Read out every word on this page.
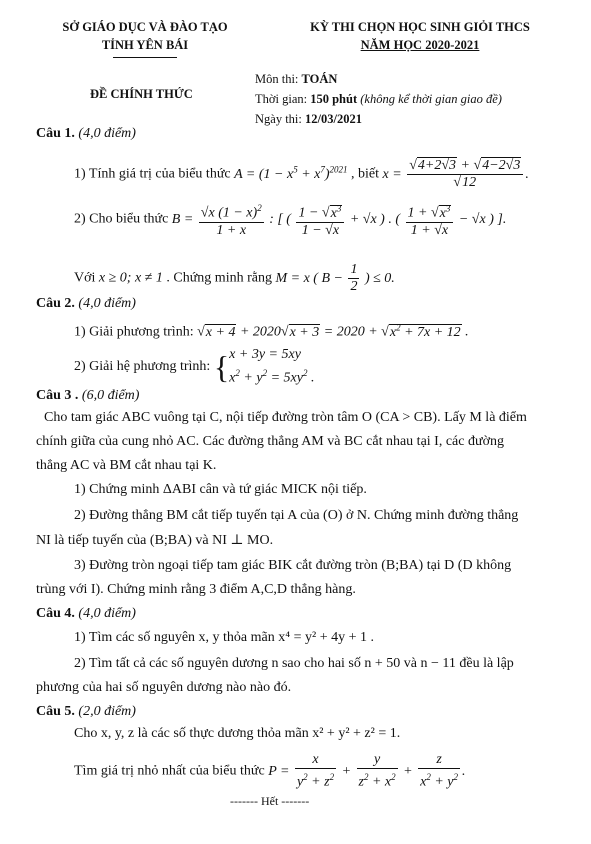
SỞ GIÁO DỤC VÀ ĐÀO TẠO
TỈNH YÊN BÁI
KỲ THI CHỌN HỌC SINH GIỎI THCS
NĂM HỌC 2020-2021
ĐỀ CHÍNH THỨC
Môn thi: TOÁN
Thời gian: 150 phút (không kể thời gian giao đề)
Ngày thi: 12/03/2021
Câu 1. (4,0 điểm)
1) Tính giá trị của biểu thức $A = (1 - x^5 + x^7)^{2021}$ , biết $x = \frac{√4+2√3 + √4-2√3}{√12}$ .
2) Cho biểu thức $B = \frac{√x (1 - x)^2}{1 + x}$ : [ ( $\frac{1 - √x^3}{1 - √x} + √x$ ) . ( $\frac{1 + √x^3}{1 + √x} - √x$ ) ].
Với x ≥ 0; x ≠ 1 . Chứng minh rằng M = x ( $B - \frac{1}{2}$ ) ≤ 0.
Câu 2. (4,0 điểm)
1) Giải phương trình: $√x + 4 + 2020√x + 3 = 2020 + √x^2 + 7x + 12$ .
2) Giải hệ phương trình: { x + 3y = 5xy
$x^2 + y^2 = 5xy^2$ .
Câu 3 . (6,0 điểm)
Cho tam giác ABC vuông tại C, nội tiếp đường tròn tâm O (CA > CB). Lấy M là điểm
chính giữa của cung nhỏ AC. Các đường thẳng AM và BC cắt nhau tại I, các đường
thẳng AC và BM cắt nhau tại K.
1) Chứng minh ΔABI cân và tứ giác MICK nội tiếp.
2) Đường thẳng BM cắt tiếp tuyến tại A của (O) ở N. Chứng minh đường thẳng
NI là tiếp tuyến của (B;BA) và NI ⊥ MO.
3) Đường tròn ngoại tiếp tam giác BIK cắt đường tròn (B;BA) tại D (D không
trùng với I). Chứng minh rằng 3 điểm A,C,D thẳng hàng.
Câu 4. (4,0 điểm)
1) Tìm các số nguyên x, y thỏa mãn x⁴ = y² + 4y + 1 .
2) Tìm tất cả các số nguyên dương n sao cho hai số n + 50 và n − 11 đều là lập
phương của hai số nguyên dương nào nào đó.
Câu 5. (2,0 điểm)
Cho x, y, z là các số thực dương thỏa mãn x² + y² + z² = 1.
Tìm giá trị nhỏ nhất của biểu thức $P = \frac{x}{y^2 + z^2} + \frac{y}{z^2 + x^2} + \frac{z}{x^2 + y^2}$ .
------- Hết -------
